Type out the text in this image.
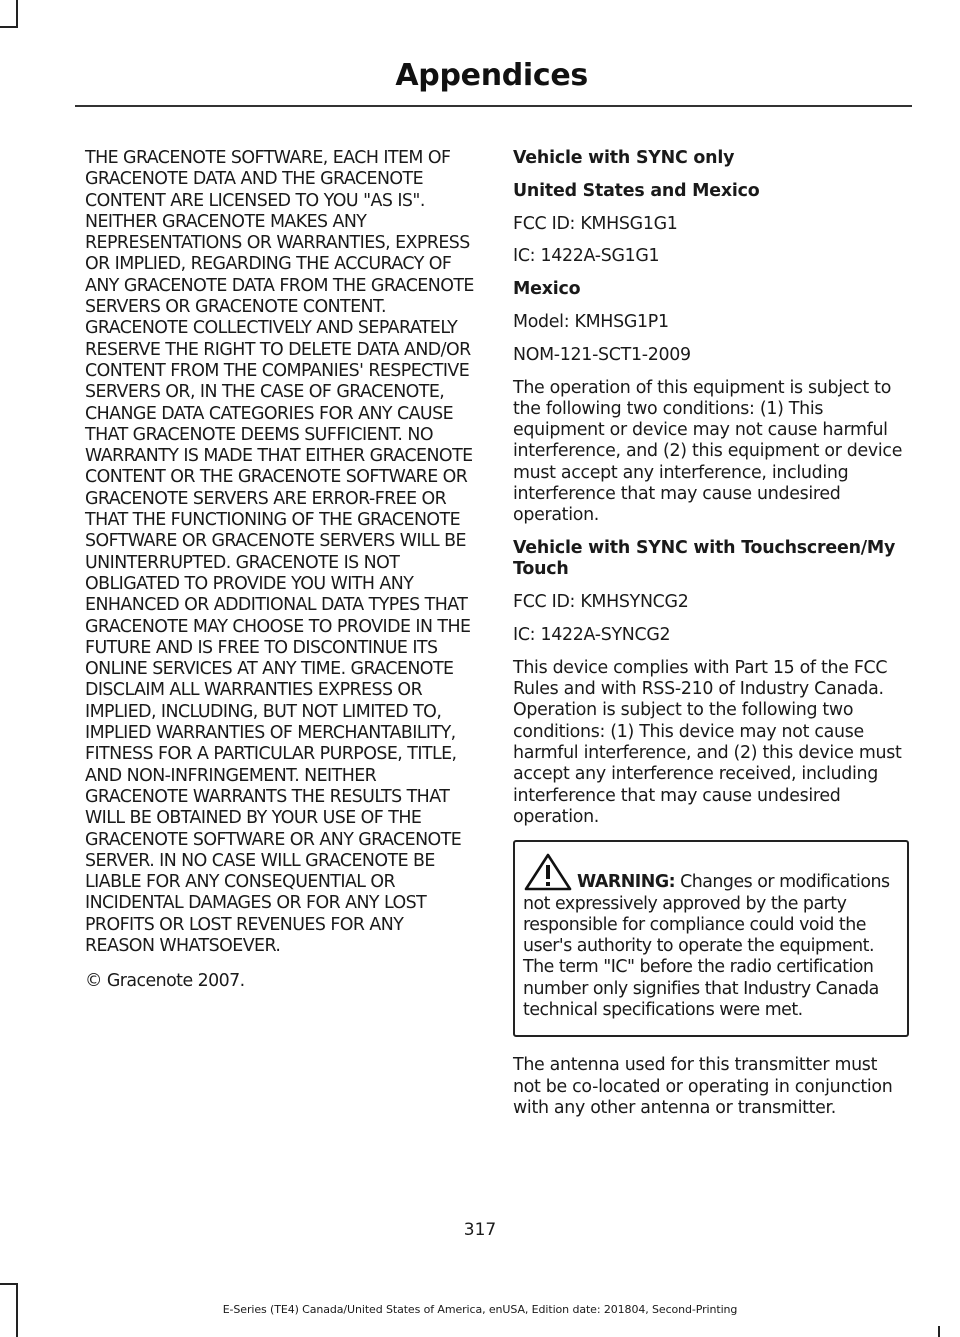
Appendices

THE GRACENOTE SOFTWARE, EACH ITEM OF GRACENOTE DATA AND THE GRACENOTE CONTENT ARE LICENSED TO YOU "AS IS". NEITHER GRACENOTE MAKES ANY REPRESENTATIONS OR WARRANTIES, EXPRESS OR IMPLIED, REGARDING THE ACCURACY OF ANY GRACENOTE DATA FROM THE GRACENOTE SERVERS OR GRACENOTE CONTENT. GRACENOTE COLLECTIVELY AND SEPARATELY RESERVE THE RIGHT TO DELETE DATA AND/OR CONTENT FROM THE COMPANIES' RESPECTIVE SERVERS OR, IN THE CASE OF GRACENOTE, CHANGE DATA CATEGORIES FOR ANY CAUSE THAT GRACENOTE DEEMS SUFFICIENT. NO WARRANTY IS MADE THAT EITHER GRACENOTE CONTENT OR THE GRACENOTE SOFTWARE OR GRACENOTE SERVERS ARE ERROR-FREE OR THAT THE FUNCTIONING OF THE GRACENOTE SOFTWARE OR GRACENOTE SERVERS WILL BE UNINTERRUPTED. GRACENOTE IS NOT OBLIGATED TO PROVIDE YOU WITH ANY ENHANCED OR ADDITIONAL DATA TYPES THAT GRACENOTE MAY CHOOSE TO PROVIDE IN THE FUTURE AND IS FREE TO DISCONTINUE ITS ONLINE SERVICES AT ANY TIME. GRACENOTE DISCLAIM ALL WARRANTIES EXPRESS OR IMPLIED, INCLUDING, BUT NOT LIMITED TO, IMPLIED WARRANTIES OF MERCHANTABILITY, FITNESS FOR A PARTICULAR PURPOSE, TITLE, AND NON-INFRINGEMENT. NEITHER GRACENOTE WARRANTS THE RESULTS THAT WILL BE OBTAINED BY YOUR USE OF THE GRACENOTE SOFTWARE OR ANY GRACENOTE SERVER. IN NO CASE WILL GRACENOTE BE LIABLE FOR ANY CONSEQUENTIAL OR INCIDENTAL DAMAGES OR FOR ANY LOST PROFITS OR LOST REVENUES FOR ANY REASON WHATSOEVER.

© Gracenote 2007.

Vehicle with SYNC only
United States and Mexico

FCC ID: KMHSG1G1

IC: 1422A-SG1G1

Mexico

Model: KMHSG1P1

NOM-121-SCT1-2009

The operation of this equipment is subject to the following two conditions: (1) This equipment or device may not cause harmful interference, and (2) this equipment or device must accept any interference, including interference that may cause undesired operation.

Vehicle with SYNC with Touchscreen/My Touch

FCC ID: KMHSYNCG2

IC: 1422A-SYNCG2

This device complies with Part 15 of the FCC Rules and with RSS-210 of Industry Canada. Operation is subject to the following two conditions: (1) This device may not cause harmful interference, and (2) this device must accept any interference received, including interference that may cause undesired operation.

WARNING: Changes or modifications not expressively approved by the party responsible for compliance could void the user's authority to operate the equipment. The term "IC" before the radio certification number only signifies that Industry Canada technical specifications were met.

The antenna used for this transmitter must not be co-located or operating in conjunction with any other antenna or transmitter.

317
E-Series (TE4) Canada/United States of America, enUSA, Edition date: 201804, Second-Printing
